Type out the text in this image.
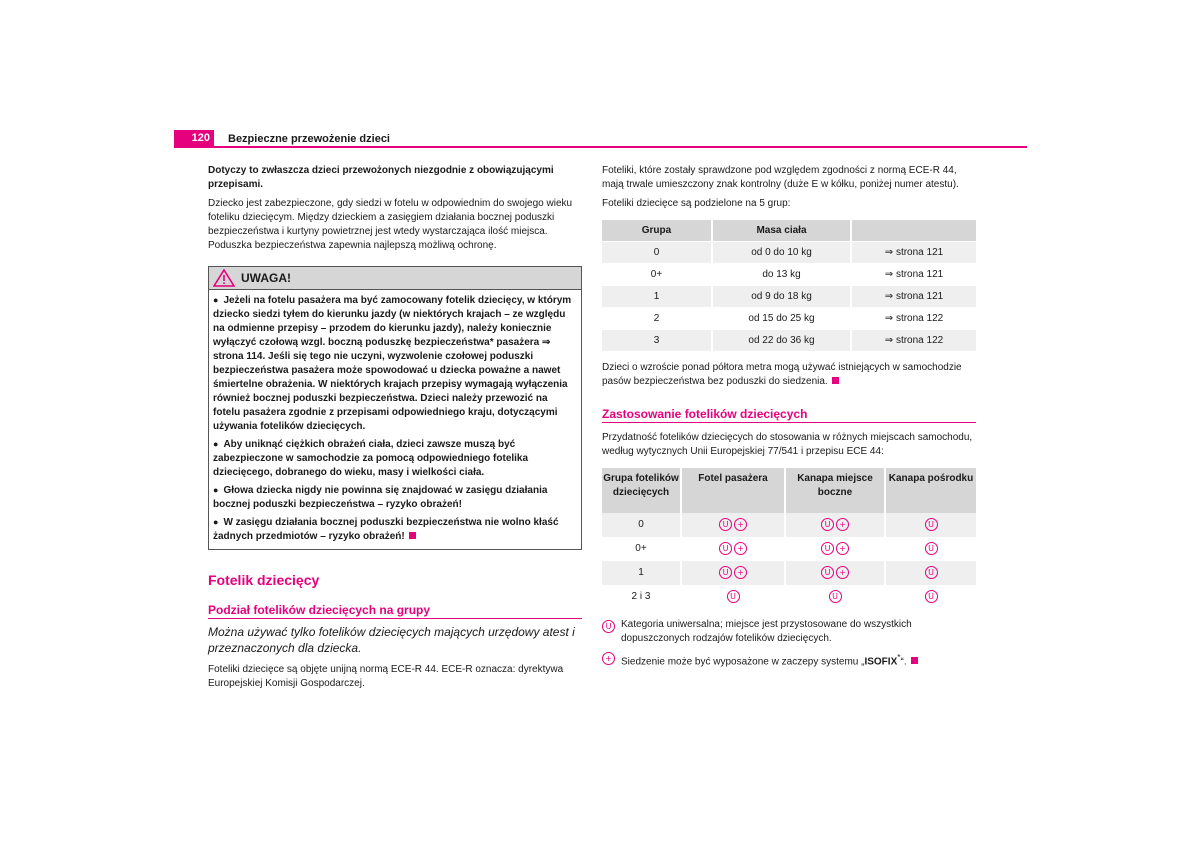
120	Bezpieczne przewożenie dzieci

Dotyczy to zwłaszcza dzieci przewożonych niezgodnie z obowiązującymi przepisami.

Dziecko jest zabezpieczone, gdy siedzi w fotelu w odpowiednim do swojego wieku foteliku dziecięcym. Między dzieckiem a zasięgiem działania bocznej poduszki bezpieczeństwa i kurtyny powietrznej jest wtedy wystarczająca ilość miejsca. Poduszka bezpieczeństwa zapewnia najlepszą możliwą ochronę.

UWAGA!

● Jeżeli na fotelu pasażera ma być zamocowany fotelik dziecięcy, w którym dziecko siedzi tyłem do kierunku jazdy (w niektórych krajach – ze względu na odmienne przepisy – przodem do kierunku jazdy), należy koniecznie wyłączyć czołową wzgl. boczną poduszkę bezpieczeństwa* pasażera ⇒ strona 114. Jeśli się tego nie uczyni, wyzwolenie czołowej poduszki bezpieczeństwa pasażera może spowodować u dziecka poważne a nawet śmiertelne obrażenia. W niektórych krajach przepisy wymagają wyłączenia również bocznej poduszki bezpieczeństwa. Dzieci należy przewozić na fotelu pasażera zgodnie z przepisami odpowiedniego kraju, dotyczącymi używania fotelików dziecięcych.

● Aby uniknąć ciężkich obrażeń ciała, dzieci zawsze muszą być zabezpieczone w samochodzie za pomocą odpowiedniego fotelika dziecięcego, dobranego do wieku, masy i wielkości ciała.

● Głowa dziecka nigdy nie powinna się znajdować w zasięgu działania bocznej poduszki bezpieczeństwa – ryzyko obrażeń!

● W zasięgu działania bocznej poduszki bezpieczeństwa nie wolno kłaść żadnych przedmiotów – ryzyko obrażeń!

Fotelik dziecięcy
Podział fotelików dziecięcych na grupy

Można używać tylko fotelików dziecięcych mających urzędowy atest i przeznaczonych dla dziecka.

Foteliki dziecięce są objęte unijną normą ECE-R 44. ECE-R oznacza: dyrektywa Europejskiej Komisji Gospodarczej.

Foteliki, które zostały sprawdzone pod względem zgodności z normą ECE-R 44, mają trwale umieszczony znak kontrolny (duże E w kółku, poniżej numer atestu).

Foteliki dziecięce są podzielone na 5 grup:

Grupa	Masa ciała	
0	od 0 do 10 kg	⇒ strona 121
0+	do 13 kg	⇒ strona 121
1	od 9 do 18 kg	⇒ strona 121
2	od 15 do 25 kg	⇒ strona 122
3	od 22 do 36 kg	⇒ strona 122

Dzieci o wzroście ponad półtora metra mogą używać istniejących w samochodzie pasów bezpieczeństwa bez poduszki do siedzenia.

Zastosowanie fotelików dziecięcych

Przydatność fotelików dziecięcych do stosowania w różnych miejscach samochodu, według wytycznych Unii Europejskiej 77/541 i przepisu ECE 44:

Grupa fotelików dziecięcych	Fotel pasażera	Kanapa miejsce boczne	Kanapa pośrodku
0	U +	U +	U
0+	U +	U +	U
1	U +	U +	U
2 i 3	U	U	U
U Kategoria uniwersalna; miejsce jest przystosowane do wszystkich dopuszczonych rodzajów fotelików dziecięcych.
+ Siedzenie może być wyposażone w zaczepy systemu „ISOFIX*“.
